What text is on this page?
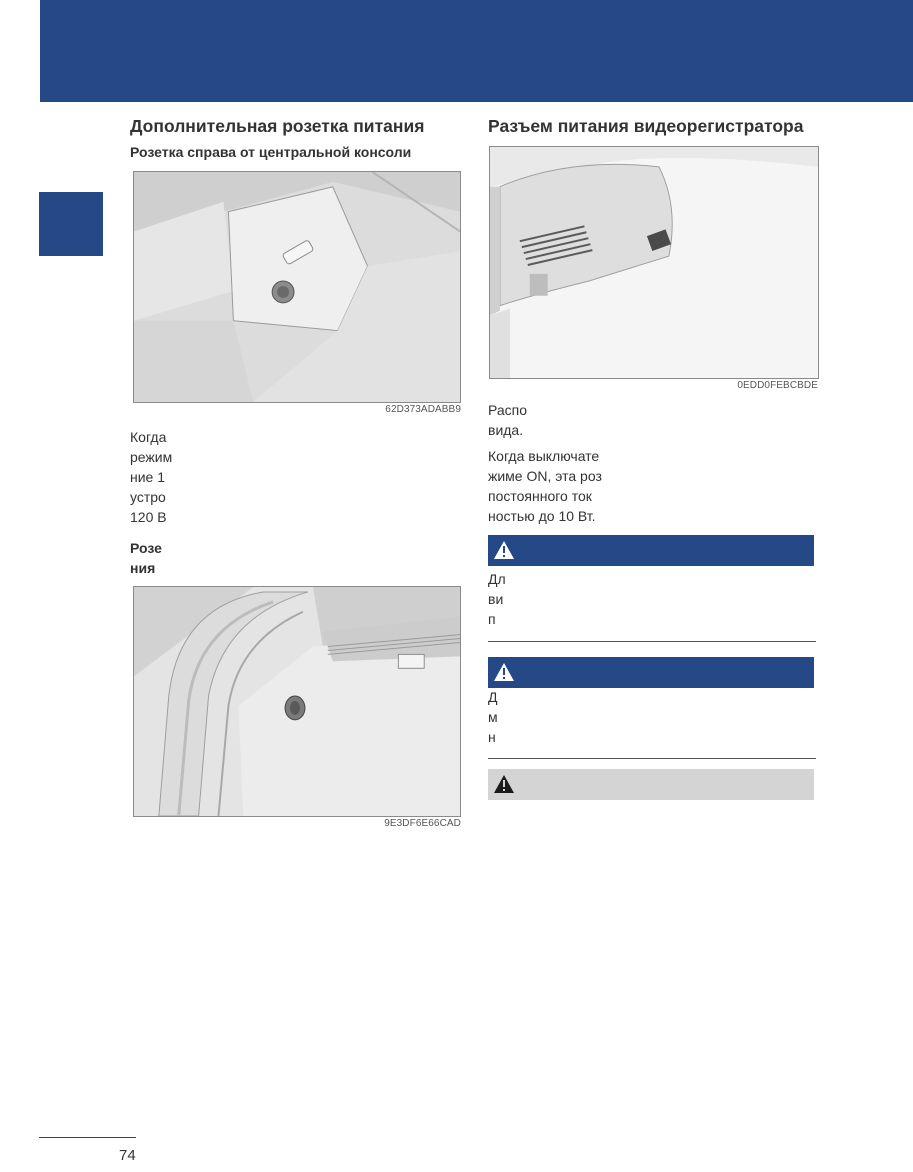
Дополнительная розетка питания
Розетка справа от центральной консоли
62D373ADABB9
Когда
режим
ние 1
устро
120 В
Розе
ния
9E3DF6E66CAD
Разъем питания видеорегистратора
0EDD0FEBCBDE
Распо
вида.
Когда выключате
жиме ON, эта роз
постоянного ток
ностью до 10 Вт.
Дл
ви
п
Д
м
н
74
